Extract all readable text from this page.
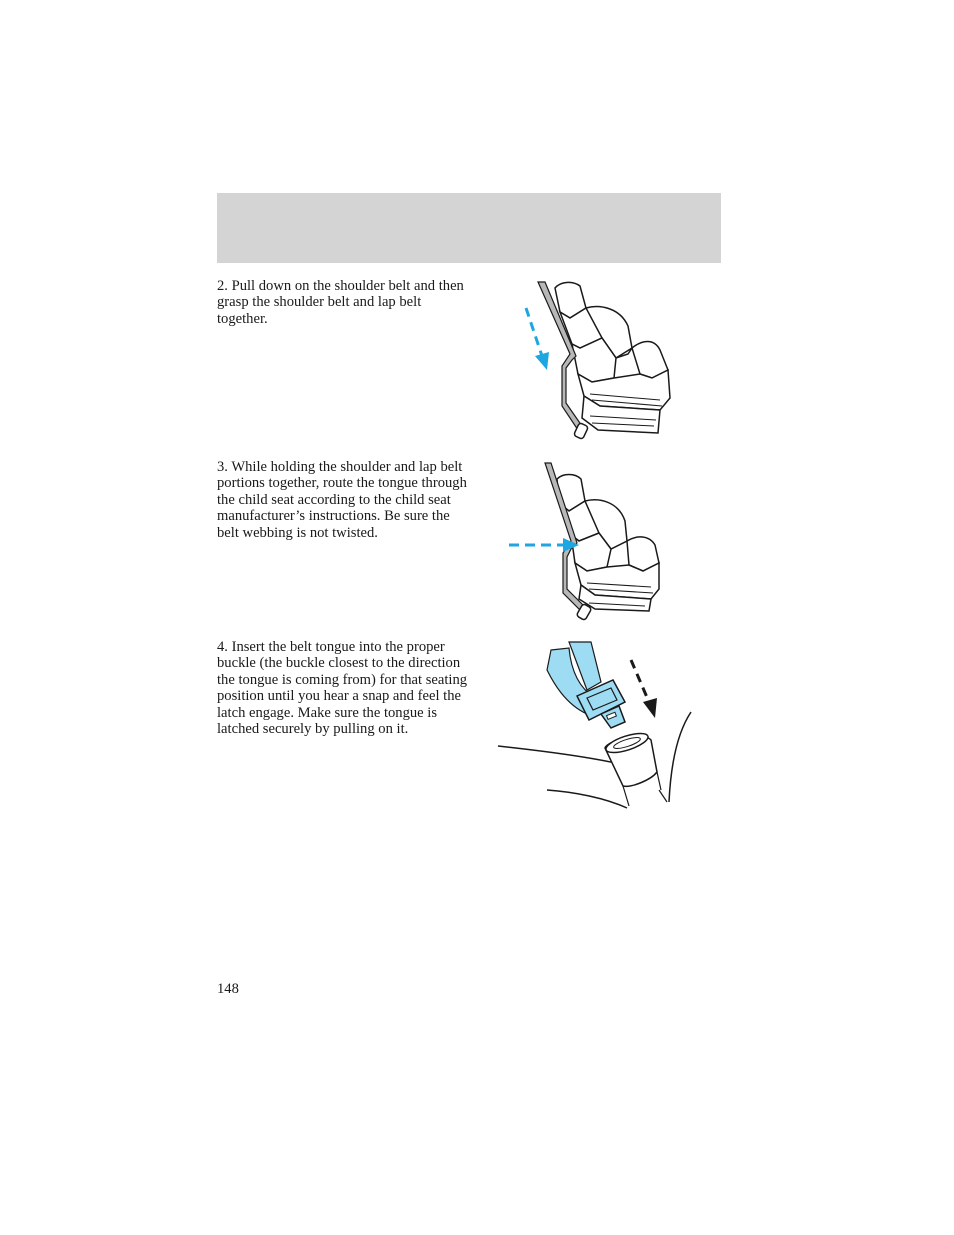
2. Pull down on the shoulder belt and then grasp the shoulder belt and lap belt together.

3. While holding the shoulder and lap belt portions together, route the tongue through the child seat according to the child seat manufacturer’s instructions. Be sure the belt webbing is not twisted.

4. Insert the belt tongue into the proper buckle (the buckle closest to the direction the tongue is coming from) for that seating position until you hear a snap and feel the latch engage. Make sure the tongue is latched securely by pulling on it.

148
